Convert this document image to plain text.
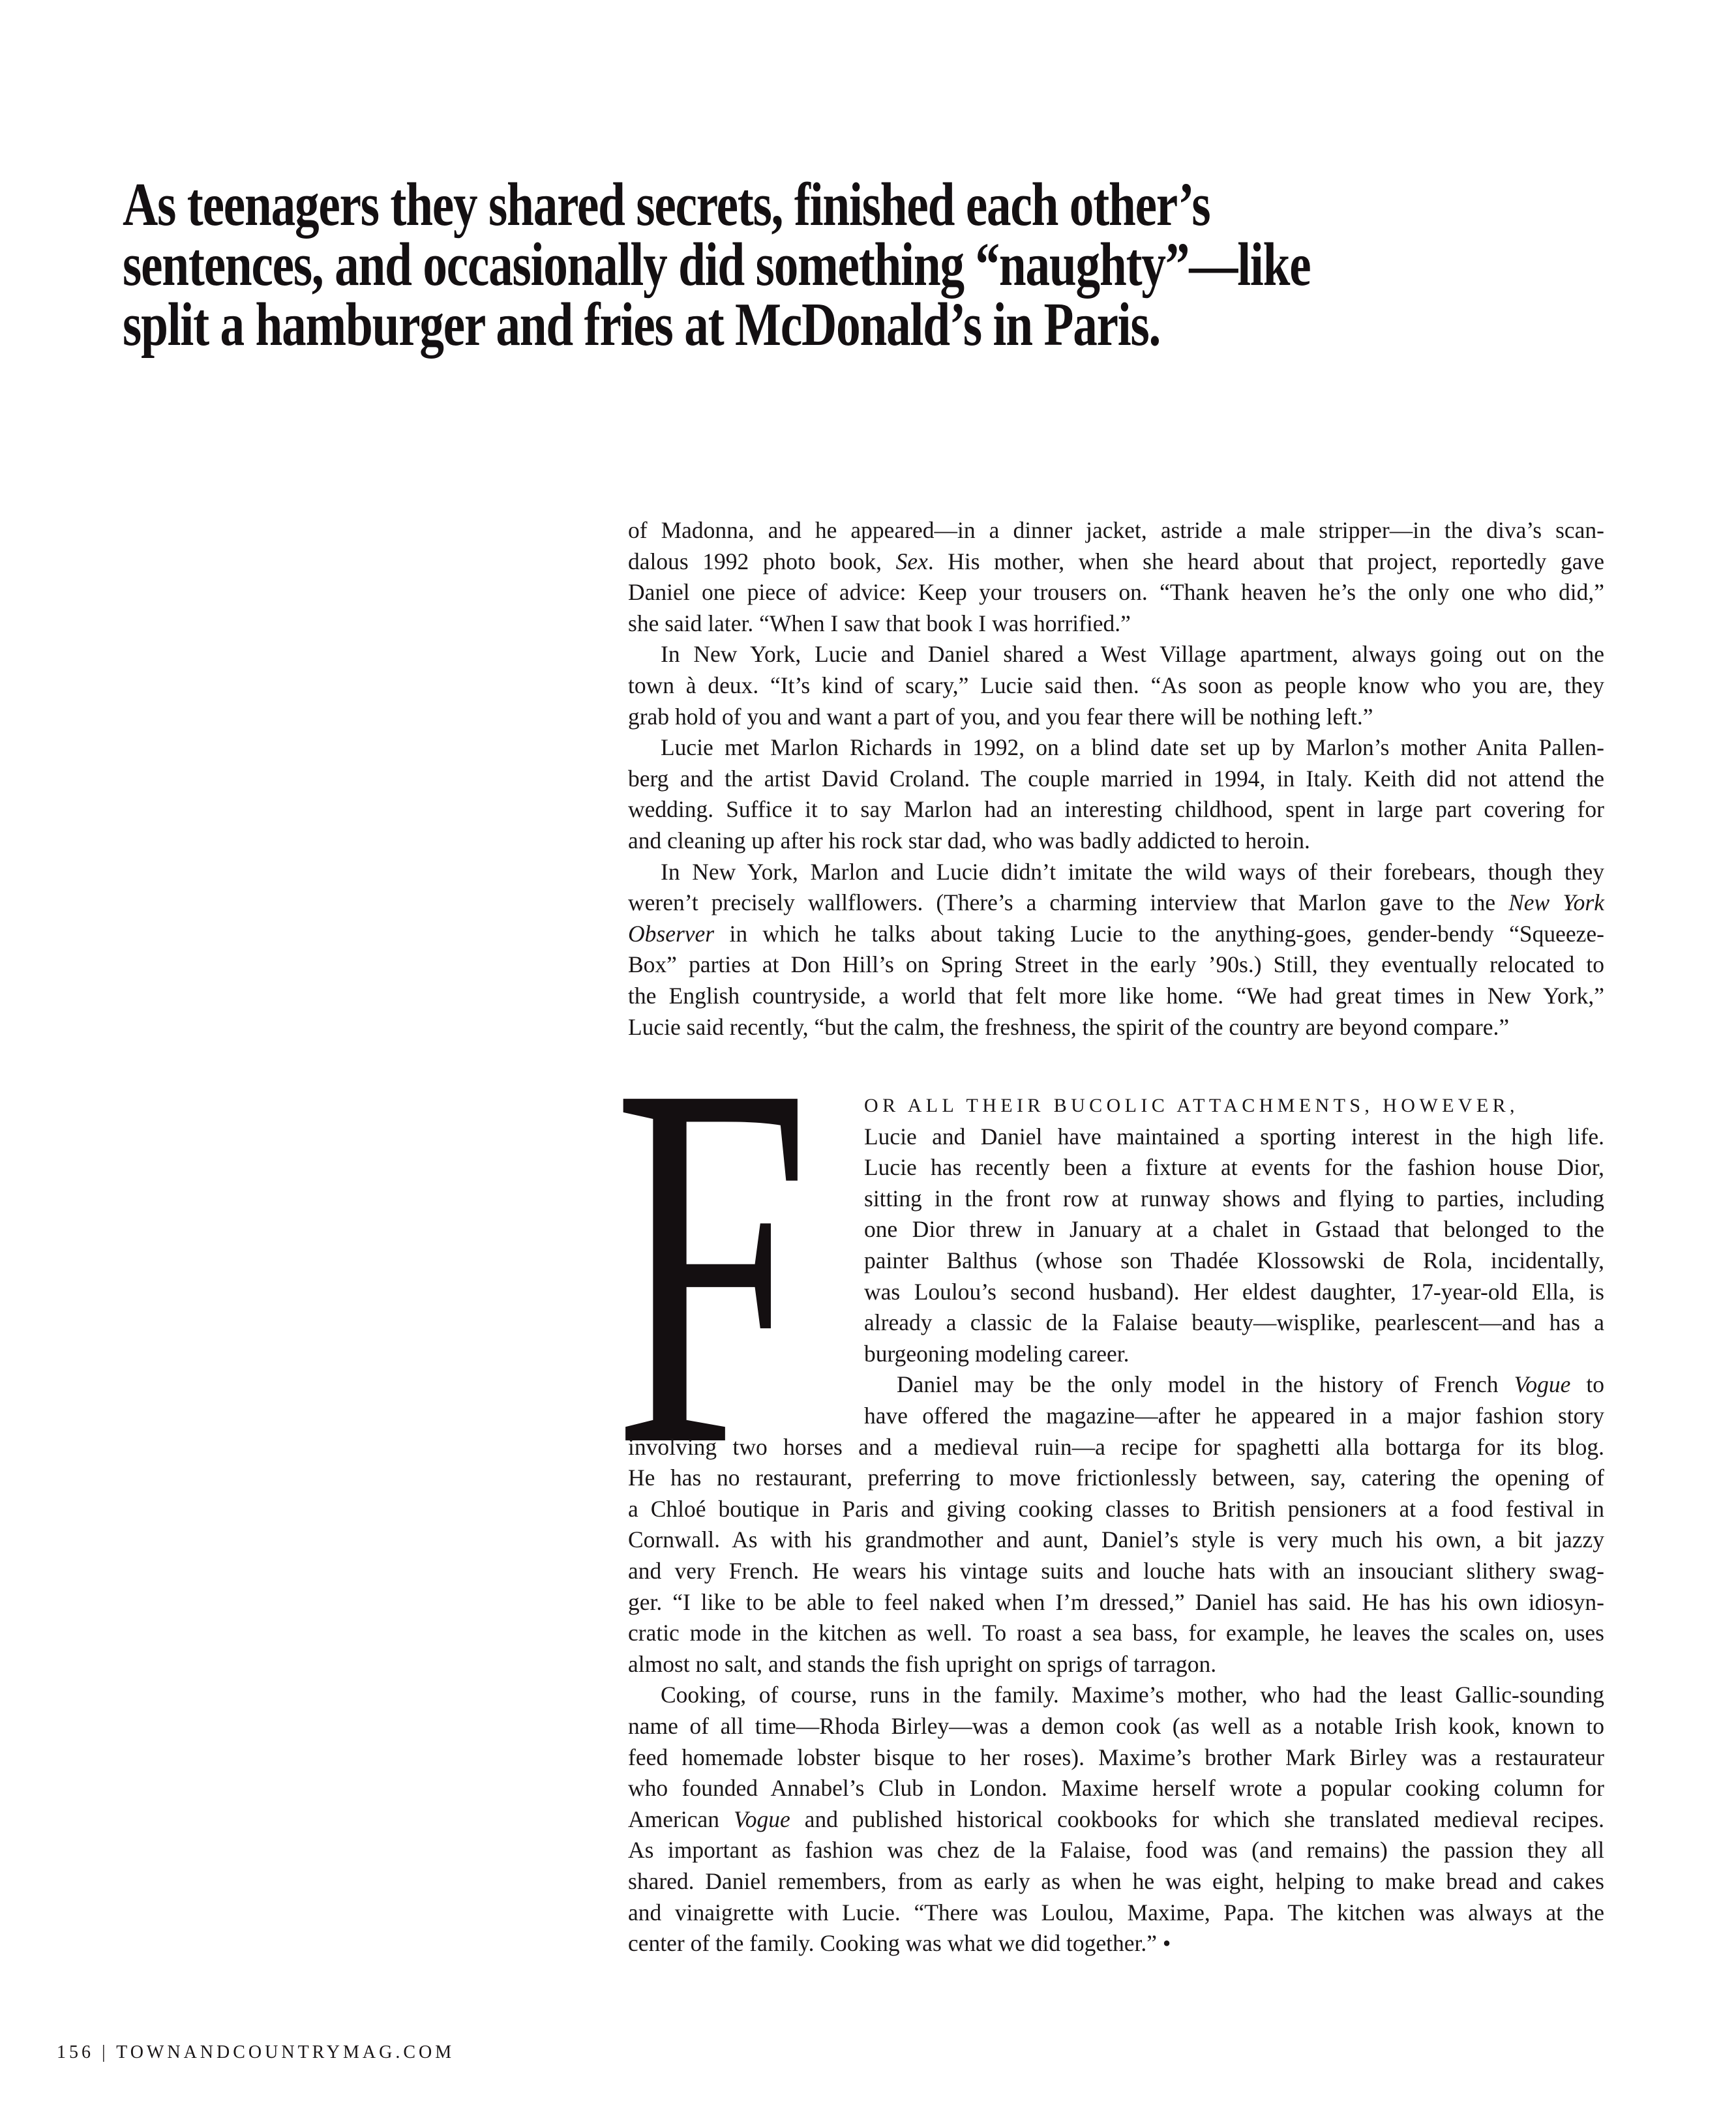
As teenagers they shared secrets, finished each other’s
sentences, and occasionally did something “naughty”—like
split a hamburger and fries at McDonald’s in Paris.
of Madonna, and he appeared—in a dinner jacket, astride a male stripper—in the diva’s scan-
dalous 1992 photo book, Sex. His mother, when she heard about that project, reportedly gave
Daniel one piece of advice: Keep your trousers on. “Thank heaven he’s the only one who did,”
she said later. “When I saw that book I was horrified.”
In New York, Lucie and Daniel shared a West Village apartment, always going out on the
town à deux. “It’s kind of scary,” Lucie said then. “As soon as people know who you are, they
grab hold of you and want a part of you, and you fear there will be nothing left.”
Lucie met Marlon Richards in 1992, on a blind date set up by Marlon’s mother Anita Pallen-
berg and the artist David Croland. The couple married in 1994, in Italy. Keith did not attend the
wedding. Suffice it to say Marlon had an interesting childhood, spent in large part covering for
and cleaning up after his rock star dad, who was badly addicted to heroin.
In New York, Marlon and Lucie didn’t imitate the wild ways of their forebears, though they
weren’t precisely wallflowers. (There’s a charming interview that Marlon gave to the New York
Observer in which he talks about taking Lucie to the anything-goes, gender-bendy “Squeeze-
Box” parties at Don Hill’s on Spring Street in the early ’90s.) Still, they eventually relocated to
the English countryside, a world that felt more like home. “We had great times in New York,”
Lucie said recently, “but the calm, the freshness, the spirit of the country are beyond compare.”
F	OR ALL THEIR BUCOLIC ATTACHMENTS, HOWEVER,
Lucie and Daniel have maintained a sporting interest in the high life.
Lucie has recently been a fixture at events for the fashion house Dior,
sitting in the front row at runway shows and flying to parties, including
one Dior threw in January at a chalet in Gstaad that belonged to the
painter Balthus (whose son Thadée Klossowski de Rola, incidentally,
was Loulou’s second husband). Her eldest daughter, 17-year-old Ella, is
already a classic de la Falaise beauty—wisplike, pearlescent—and has a
burgeoning modeling career.
Daniel may be the only model in the history of French Vogue to
have offered the magazine—after he appeared in a major fashion story
involving two horses and a medieval ruin—a recipe for spaghetti alla bottarga for its blog.
He has no restaurant, preferring to move frictionlessly between, say, catering the opening of
a Chloé boutique in Paris and giving cooking classes to British pensioners at a food festival in
Cornwall. As with his grandmother and aunt, Daniel’s style is very much his own, a bit jazzy
and very French. He wears his vintage suits and louche hats with an insouciant slithery swag-
ger. “I like to be able to feel naked when I’m dressed,” Daniel has said. He has his own idiosyn-
cratic mode in the kitchen as well. To roast a sea bass, for example, he leaves the scales on, uses
almost no salt, and stands the fish upright on sprigs of tarragon.
Cooking, of course, runs in the family. Maxime’s mother, who had the least Gallic-sounding
name of all time—Rhoda Birley—was a demon cook (as well as a notable Irish kook, known to
feed homemade lobster bisque to her roses). Maxime’s brother Mark Birley was a restaurateur
who founded Annabel’s Club in London. Maxime herself wrote a popular cooking column for
American Vogue and published historical cookbooks for which she translated medieval recipes.
As important as fashion was chez de la Falaise, food was (and remains) the passion they all
shared. Daniel remembers, from as early as when he was eight, helping to make bread and cakes
and vinaigrette with Lucie. “There was Loulou, Maxime, Papa. The kitchen was always at the
center of the family. Cooking was what we did together.” •
156 | TOWNANDCOUNTRYMAG.COM
